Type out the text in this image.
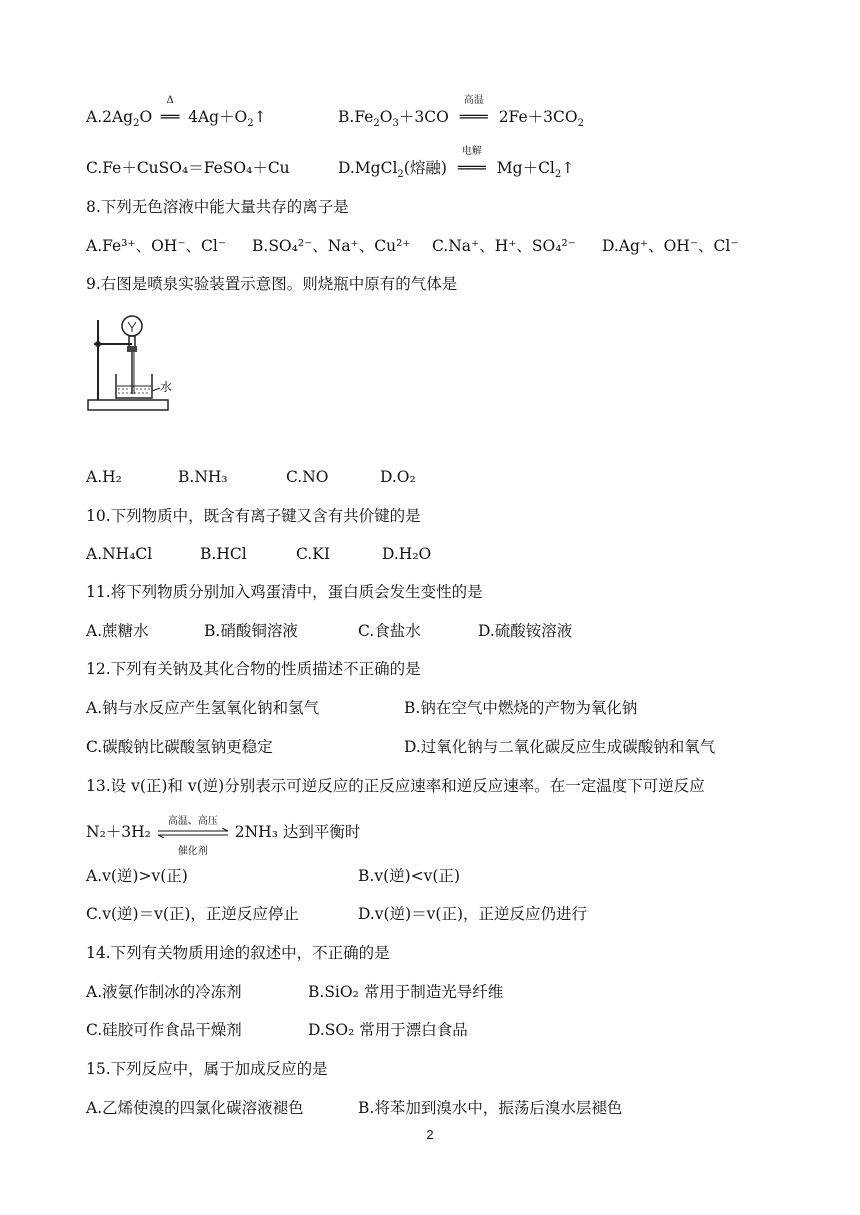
$A.2Ag_2O$
Δ
══ $4Ag+O_2↑$	$B.Fe_2O_3+3CO$
高温
═══ $2Fe+3CO_2$
C.Fe＋CuSO₄＝FeSO₄＋Cu	D.MgCl$_2$(熔融)
电解
═══ $Mg+Cl_2↑$
8.下列无色溶液中能大量共存的离子是
A.Fe³⁺、OH⁻、Cl⁻ B.SO₄²⁻、Na⁺、Cu²⁺ C.Na⁺、H⁺、SO₄²⁻ D.Ag⁺、OH⁻、Cl⁻
9.右图是喷泉实验装置示意图。则烧瓶中原有的气体是
水
A.H₂	B.NH₃	C.NO	D.O₂
10.下列物质中，既含有离子键又含有共价键的是
A.NH₄Cl	B.HCl	C.KI	D.H₂O
11.将下列物质分别加入鸡蛋清中，蛋白质会发生变性的是
A.蔗糖水	B.硝酸铜溶液	C.食盐水	D.硫酸铵溶液
12.下列有关钠及其化合物的性质描述不正确的是
A.钠与水反应产生氢氧化钠和氢气	B.钠在空气中燃烧的产物为氧化钠
C.碳酸钠比碳酸氢钠更稳定	D.过氧化钠与二氧化碳反应生成碳酸钠和氧气
13.设 v(正)和 v(逆)分别表示可逆反应的正反应速率和逆反应速率。在一定温度下可逆反应
N₂＋3H₂
高温、高压
催化剂
2NH₃ 达到平衡时
A.v(逆)>v(正)	B.v(逆)<v(正)
C.v(逆)＝v(正)，正逆反应停止	D.v(逆)＝v(正)，正逆反应仍进行
14.下列有关物质用途的叙述中，不正确的是
A.液氨作制冰的冷冻剂	B.SiO₂ 常用于制造光导纤维
C.硅胶可作食品干燥剂	D.SO₂ 常用于漂白食品
15.下列反应中，属于加成反应的是
A.乙烯使溴的四氯化碳溶液褪色	B.将苯加到溴水中，振荡后溴水层褪色
2
